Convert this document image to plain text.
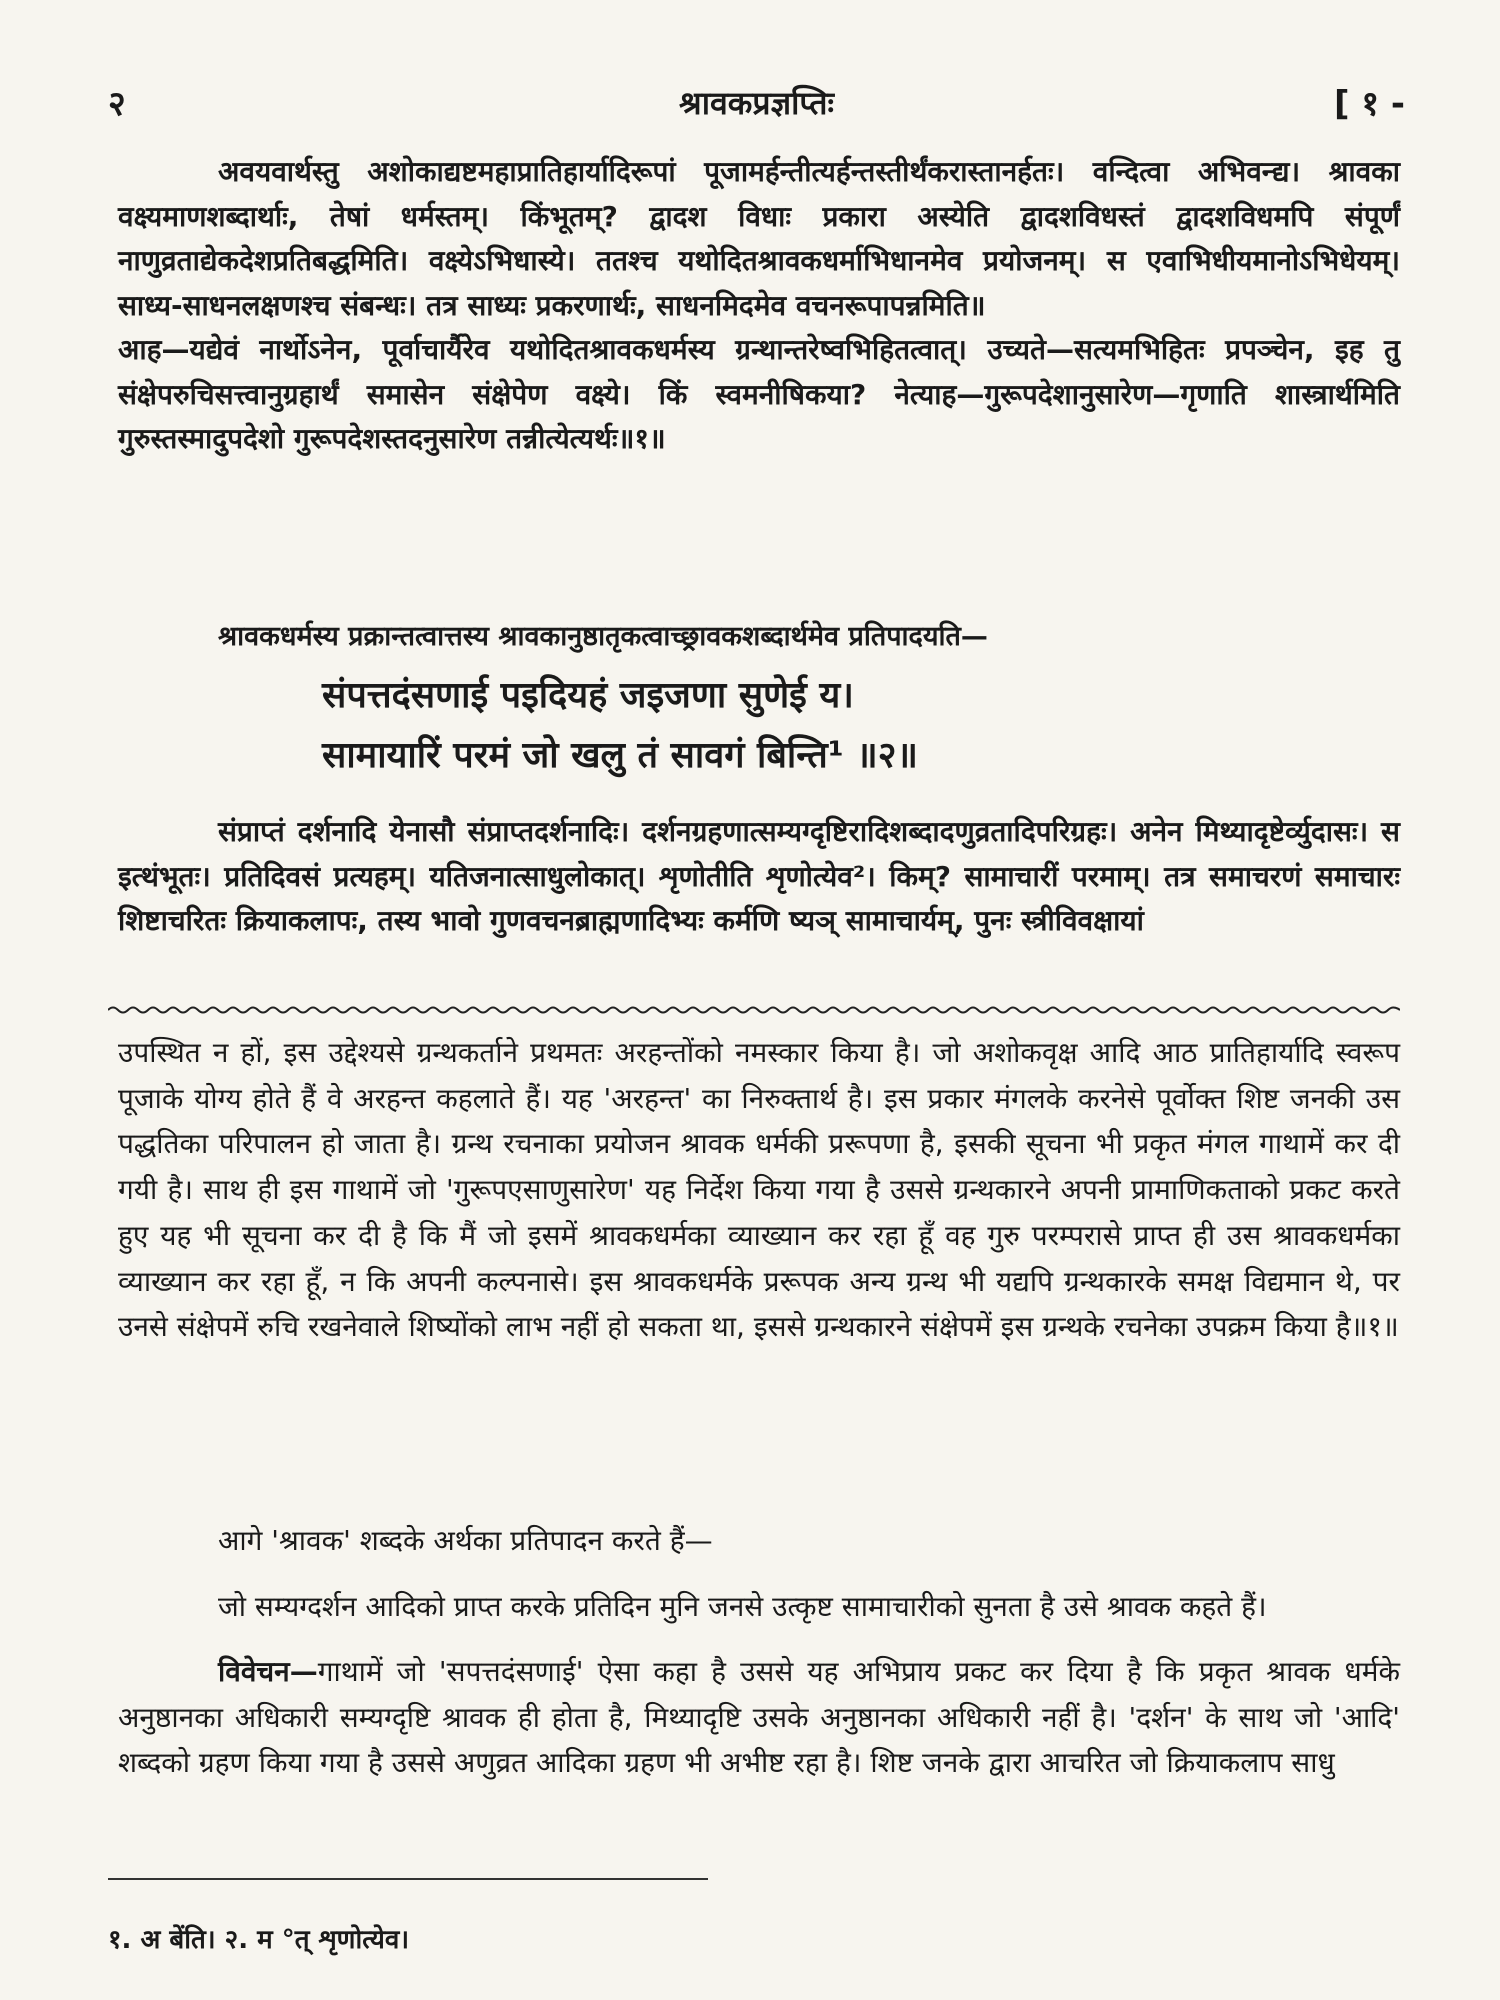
२	श्रावकप्रज्ञप्तिः	[ १ -

अवयवार्थस्तु अशोकाद्यष्टमहाप्रातिहार्यादिरूपां पूजामर्हन्तीत्यर्हन्तस्तीर्थंकरास्तानर्हतः। वन्दित्वा अभिवन्द्य। श्रावका वक्ष्यमाणशब्दार्थाः, तेषां धर्मस्तम्। किंभूतम्? द्वादश विधाः प्रकारा अस्येति द्वादशविधस्तं द्वादशविधमपि संपूर्णं नाणुव्रताद्येकदेशप्रतिबद्धमिति। वक्ष्येऽभिधास्ये। ततश्च यथोदितश्रावकधर्माभिधानमेव प्रयोजनम्। स एवाभिधीयमानोऽभिधेयम्। साध्य-साधनलक्षणश्च संबन्धः। तत्र साध्यः प्रकरणार्थः, साधनमिदमेव वचनरूपापन्नमिति॥

आह—यद्येवं नार्थोऽनेन, पूर्वाचार्यैरेव यथोदितश्रावकधर्मस्य ग्रन्थान्तरेष्वभिहितत्वात्। उच्यते—सत्यमभिहितः प्रपञ्चेन, इह तु संक्षेपरुचिसत्त्वानुग्रहार्थं समासेन संक्षेपेण वक्ष्ये। किं स्वमनीषिकया? नेत्याह—गुरूपदेशानुसारेण—गृणाति शास्त्रार्थमिति गुरुस्तस्मादुपदेशो गुरूपदेशस्तदनुसारेण तन्नीत्येत्यर्थः॥१॥

श्रावकधर्मस्य प्रक्रान्तत्वात्तस्य श्रावकानुष्ठातृकत्वाच्छ्रावकशब्दार्थमेव प्रतिपादयति—
संपत्तदंसणाई पइदियहं जइजणा सुणेई य।
सामायारिं परमं जो खलु तं सावगं बिन्ति¹ ॥२॥

संप्राप्तं दर्शनादि येनासौ संप्राप्तदर्शनादिः। दर्शनग्रहणात्सम्यग्दृष्टिरादिशब्दादणुव्रतादिपरिग्रहः। अनेन मिथ्यादृष्टेर्व्युदासः। स इत्थंभूतः। प्रतिदिवसं प्रत्यहम्। यतिजनात्साधुलोकात्। शृणोतीति शृणोत्येव²। किम्? सामाचारीं परमाम्। तत्र समाचरणं समाचारः शिष्टाचरितः क्रियाकलापः, तस्य भावो गुणवचनब्राह्मणादिभ्यः कर्मणि ष्यञ् सामाचार्यम्, पुनः स्त्रीविवक्षायां

उपस्थित न हों, इस उद्देश्यसे ग्रन्थकर्ताने प्रथमतः अरहन्तोंको नमस्कार किया है। जो अशोकवृक्ष आदि आठ प्रातिहार्यादि स्वरूप पूजाके योग्य होते हैं वे अरहन्त कहलाते हैं। यह 'अरहन्त' का निरुक्तार्थ है। इस प्रकार मंगलके करनेसे पूर्वोक्त शिष्ट जनकी उस पद्धतिका परिपालन हो जाता है। ग्रन्थ रचनाका प्रयोजन श्रावक धर्मकी प्ररूपणा है, इसकी सूचना भी प्रकृत मंगल गाथामें कर दी गयी है। साथ ही इस गाथामें जो 'गुरूपएसाणुसारेण' यह निर्देश किया गया है उससे ग्रन्थकारने अपनी प्रामाणिकताको प्रकट करते हुए यह भी सूचना कर दी है कि मैं जो इसमें श्रावकधर्मका व्याख्यान कर रहा हूँ वह गुरु परम्परासे प्राप्त ही उस श्रावकधर्मका व्याख्यान कर रहा हूँ, न कि अपनी कल्पनासे। इस श्रावकधर्मके प्ररूपक अन्य ग्रन्थ भी यद्यपि ग्रन्थकारके समक्ष विद्यमान थे, पर उनसे संक्षेपमें रुचि रखनेवाले शिष्योंको लाभ नहीं हो सकता था, इससे ग्रन्थकारने संक्षेपमें इस ग्रन्थके रचनेका उपक्रम किया है॥१॥

आगे 'श्रावक' शब्दके अर्थका प्रतिपादन करते हैं—

जो सम्यग्दर्शन आदिको प्राप्त करके प्रतिदिन मुनि जनसे उत्कृष्ट सामाचारीको सुनता है उसे श्रावक कहते हैं।

विवेचन—गाथामें जो 'सपत्तदंसणाई' ऐसा कहा है उससे यह अभिप्राय प्रकट कर दिया है कि प्रकृत श्रावक धर्मके अनुष्ठानका अधिकारी सम्यग्दृष्टि श्रावक ही होता है, मिथ्यादृष्टि उसके अनुष्ठानका अधिकारी नहीं है। 'दर्शन' के साथ जो 'आदि' शब्दको ग्रहण किया गया है उससे अणुव्रत आदिका ग्रहण भी अभीष्ट रहा है। शिष्ट जनके द्वारा आचरित जो क्रियाकलाप साधु

१. अ बेंति। २. म °त् शृणोत्येव।
